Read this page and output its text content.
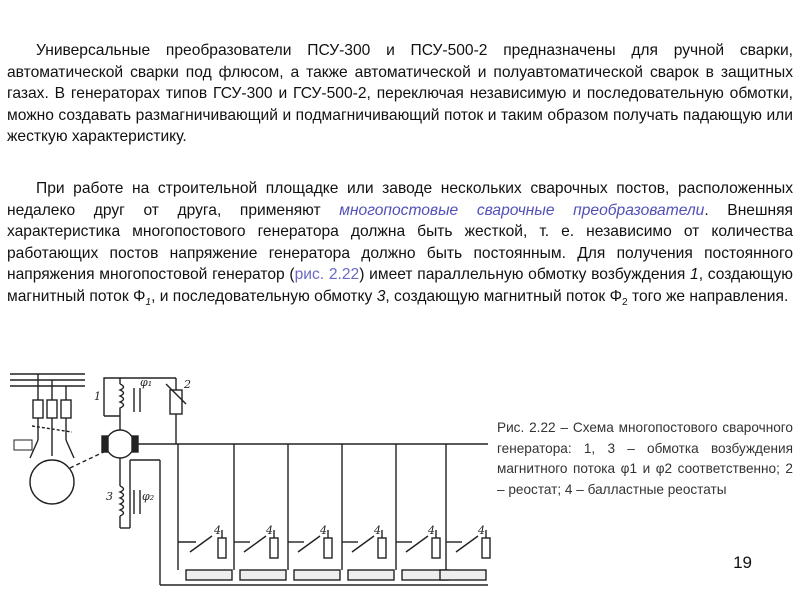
Универсальные преобразователи ПСУ-300 и ПСУ-500-2 предназначены для ручной сварки, автоматической сварки под флюсом, а также автоматической и полуавтоматической сварок в защитных газах. В генераторах типов ГСУ-300 и ГСУ-500-2, переключая независимую и последовательную обмотки, можно создавать размагничивающий и подмагничивающий поток и таким образом получать падающую или жесткую характеристику.

При работе на строительной площадке или заводе нескольких сварочных постов, расположенных недалеко друг от друга, применяют многопостовые сварочные преобразователи. Внешняя характеристика многопостового генератора должна быть жесткой, т. е. независимо от количества работающих постов напряжение генератора должно быть постоянным. Для получения постоянного напряжения многопостовой генератор (рис. 2.22) имеет параллельную обмотку возбуждения 1, создающую магнитный поток $\Phi_1$, и последовательную обмотку 3, создающую магнитный поток $\Phi_2$ того же направления.

1
φ₁	2
3	φ₂
4	4	4	4	4	4

Рис. 2.22 – Схема многопостового сварочного генератора: 1, 3 – обмотка возбуждения магнитного потока φ1 и φ2 соответственно; 2 – реостат; 4 – балластные реостаты

19
